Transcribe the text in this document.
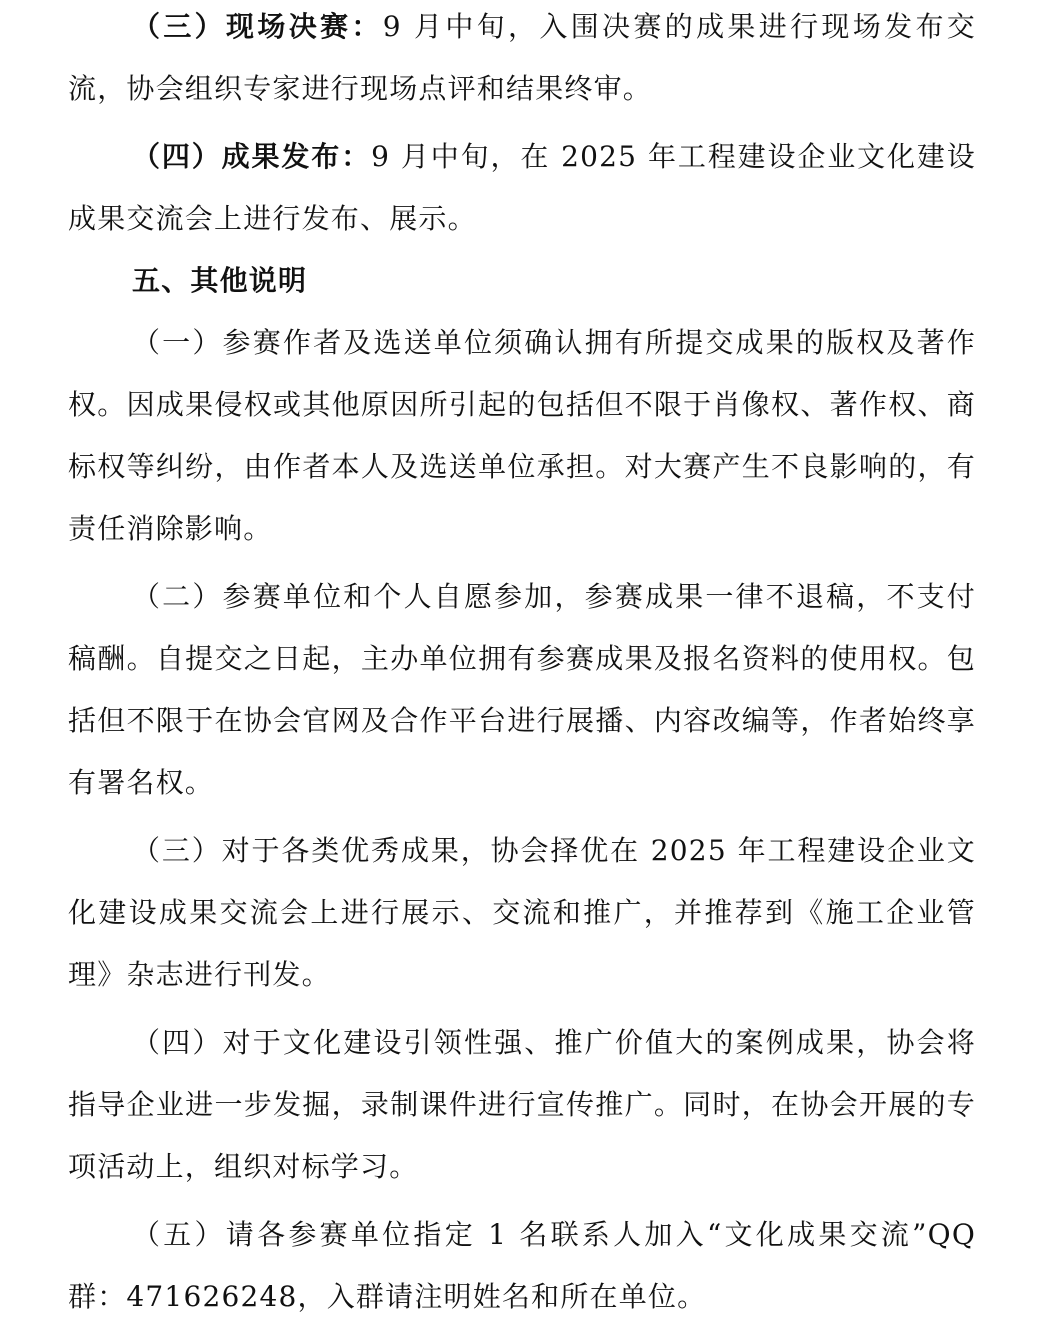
（三）现场决赛：9 月中旬，入围决赛的成果进行现场发布交流，协会组织专家进行现场点评和结果终审。

（四）成果发布：9 月中旬，在 2025 年工程建设企业文化建设成果交流会上进行发布、展示。

五、其他说明

（一）参赛作者及选送单位须确认拥有所提交成果的版权及著作权。因成果侵权或其他原因所引起的包括但不限于肖像权、著作权、商标权等纠纷，由作者本人及选送单位承担。对大赛产生不良影响的，有责任消除影响。

（二）参赛单位和个人自愿参加，参赛成果一律不退稿，不支付稿酬。自提交之日起，主办单位拥有参赛成果及报名资料的使用权。包括但不限于在协会官网及合作平台进行展播、内容改编等，作者始终享有署名权。

（三）对于各类优秀成果，协会择优在 2025 年工程建设企业文化建设成果交流会上进行展示、交流和推广，并推荐到《施工企业管理》杂志进行刊发。

（四）对于文化建设引领性强、推广价值大的案例成果，协会将指导企业进一步发掘，录制课件进行宣传推广。同时，在协会开展的专项活动上，组织对标学习。

（五）请各参赛单位指定 1 名联系人加入“文化成果交流”QQ 群：471626248，入群请注明姓名和所在单位。
